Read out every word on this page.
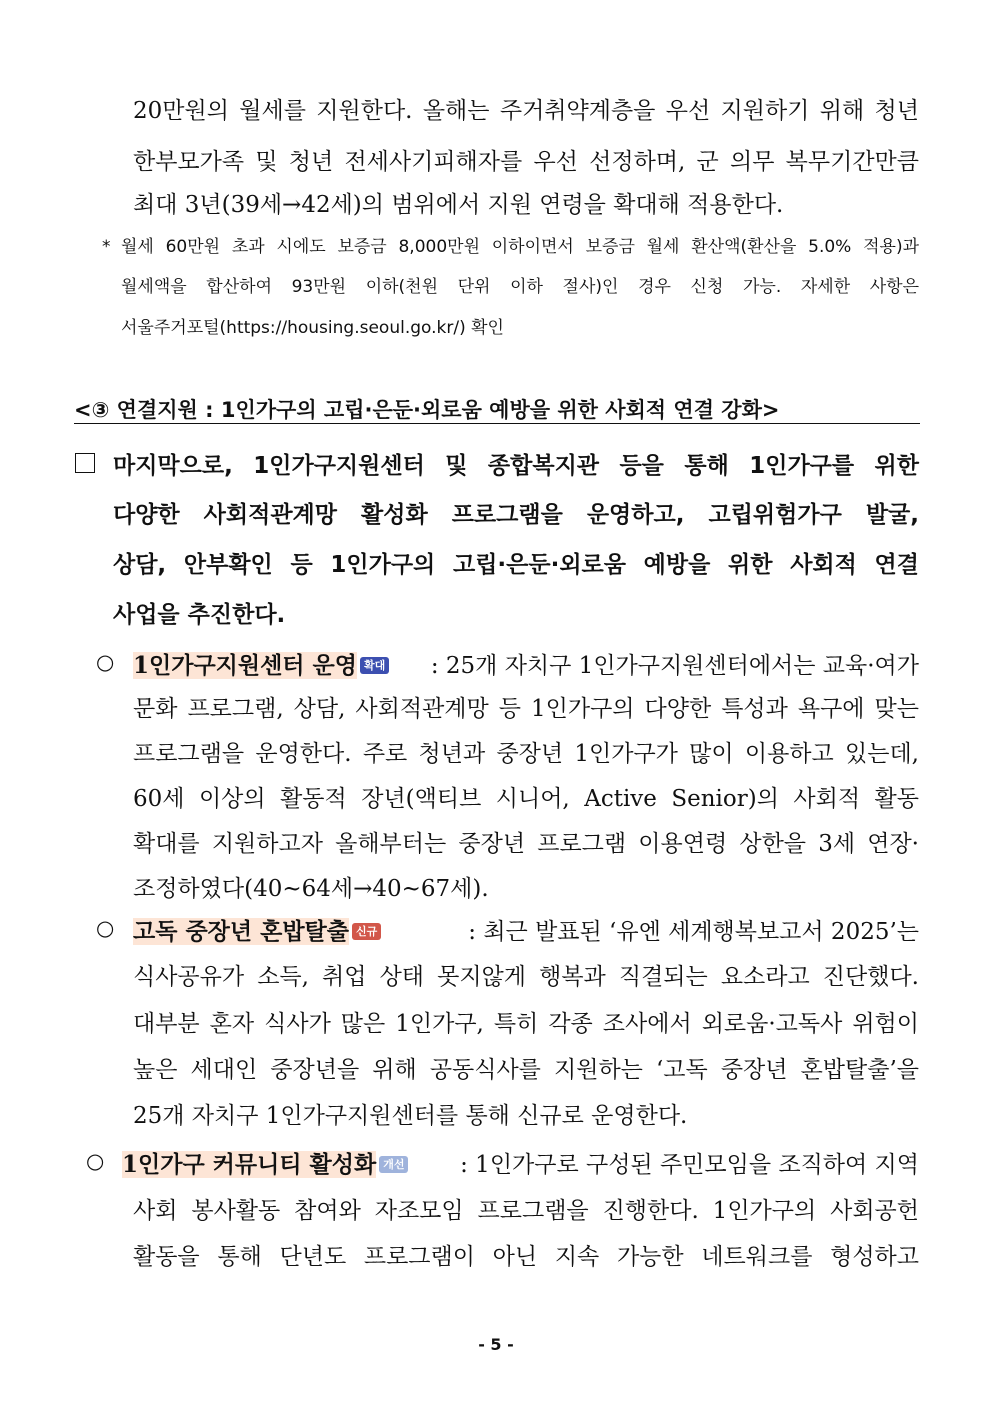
20만원의 월세를 지원한다. 올해는 주거취약계층을 우선 지원하기 위해 청년
한부모가족 및 청년 전세사기피해자를 우선 선정하며, 군 의무 복무기간만큼
최대 3년(39세→42세)의 범위에서 지원 연령을 확대해 적용한다.
* 월세 60만원 초과 시에도 보증금 8,000만원 이하이면서 보증금 월세 환산액(환산을 5.0% 적용)과
월세액을 합산하여 93만원 이하(천원 단위 이하 절사)인 경우 신청 가능. 자세한 사항은
서울주거포털(https://housing.seoul.go.kr/) 확인
<③ 연결지원 : 1인가구의 고립·은둔·외로움 예방을 위한 사회적 연결 강화>
마지막으로, 1인가구지원센터 및 종합복지관 등을 통해 1인가구를 위한
다양한 사회적관계망 활성화 프로그램을 운영하고, 고립위험가구 발굴,
상담, 안부확인 등 1인가구의 고립·은둔·외로움 예방을 위한 사회적 연결
사업을 추진한다.
○ 1인가구지원센터 운영 확대	: 25개 자치구 1인가구지원센터에서는 교육·여가
문화 프로그램, 상담, 사회적관계망 등 1인가구의 다양한 특성과 욕구에 맞는
프로그램을 운영한다. 주로 청년과 중장년 1인가구가 많이 이용하고 있는데,
60세 이상의 활동적 장년(액티브 시니어, Active Senior)의 사회적 활동
확대를 지원하고자 올해부터는 중장년 프로그램 이용연령 상한을 3세 연장·
조정하였다(40~64세→40~67세).
○ 고독 중장년 혼밥탈출 신규	: 최근 발표된 ‘유엔 세계행복보고서 2025’는
식사공유가 소득, 취업 상태 못지않게 행복과 직결되는 요소라고 진단했다.
대부분 혼자 식사가 많은 1인가구, 특히 각종 조사에서 외로움·고독사 위험이
높은 세대인 중장년을 위해 공동식사를 지원하는 ‘고독 중장년 혼밥탈출’을
25개 자치구 1인가구지원센터를 통해 신규로 운영한다.
○ 1인가구 커뮤니티 활성화 개선	: 1인가구로 구성된 주민모임을 조직하여 지역
사회 봉사활동 참여와 자조모임 프로그램을 진행한다. 1인가구의 사회공헌
활동을 통해 단년도 프로그램이 아닌 지속 가능한 네트워크를 형성하고
- 5 -
